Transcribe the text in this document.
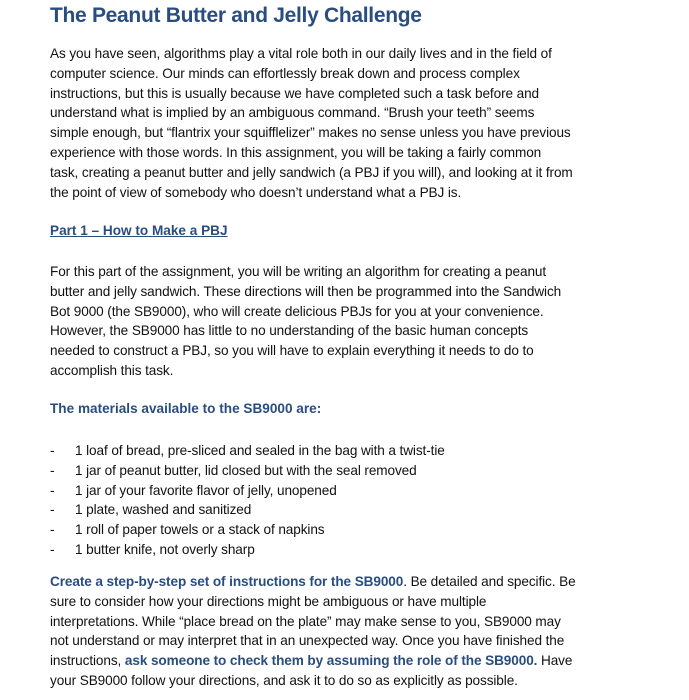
The Peanut Butter and Jelly Challenge
As you have seen, algorithms play a vital role both in our daily lives and in the field of
computer science. Our minds can effortlessly break down and process complex
instructions, but this is usually because we have completed such a task before and
understand what is implied by an ambiguous command. “Brush your teeth” seems
simple enough, but “flantrix your squifflelizer” makes no sense unless you have previous
experience with those words. In this assignment, you will be taking a fairly common
task, creating a peanut butter and jelly sandwich (a PBJ if you will), and looking at it from
the point of view of somebody who doesn’t understand what a PBJ is.
Part 1 – How to Make a PBJ
For this part of the assignment, you will be writing an algorithm for creating a peanut
butter and jelly sandwich. These directions will then be programmed into the Sandwich
Bot 9000 (the SB9000), who will create delicious PBJs for you at your convenience.
However, the SB9000 has little to no understanding of the basic human concepts
needed to construct a PBJ, so you will have to explain everything it needs to do to
accomplish this task.
The materials available to the SB9000 are:
- 1 loaf of bread, pre-sliced and sealed in the bag with a twist-tie
- 1 jar of peanut butter, lid closed but with the seal removed
- 1 jar of your favorite flavor of jelly, unopened
- 1 plate, washed and sanitized
- 1 roll of paper towels or a stack of napkins
- 1 butter knife, not overly sharp
Create a step-by-step set of instructions for the SB9000. Be detailed and specific. Be
sure to consider how your directions might be ambiguous or have multiple
interpretations. While “place bread on the plate” may make sense to you, SB9000 may
not understand or may interpret that in an unexpected way. Once you have finished the
instructions, ask someone to check them by assuming the role of the SB9000. Have
your SB9000 follow your directions, and ask it to do so as explicitly as possible.
